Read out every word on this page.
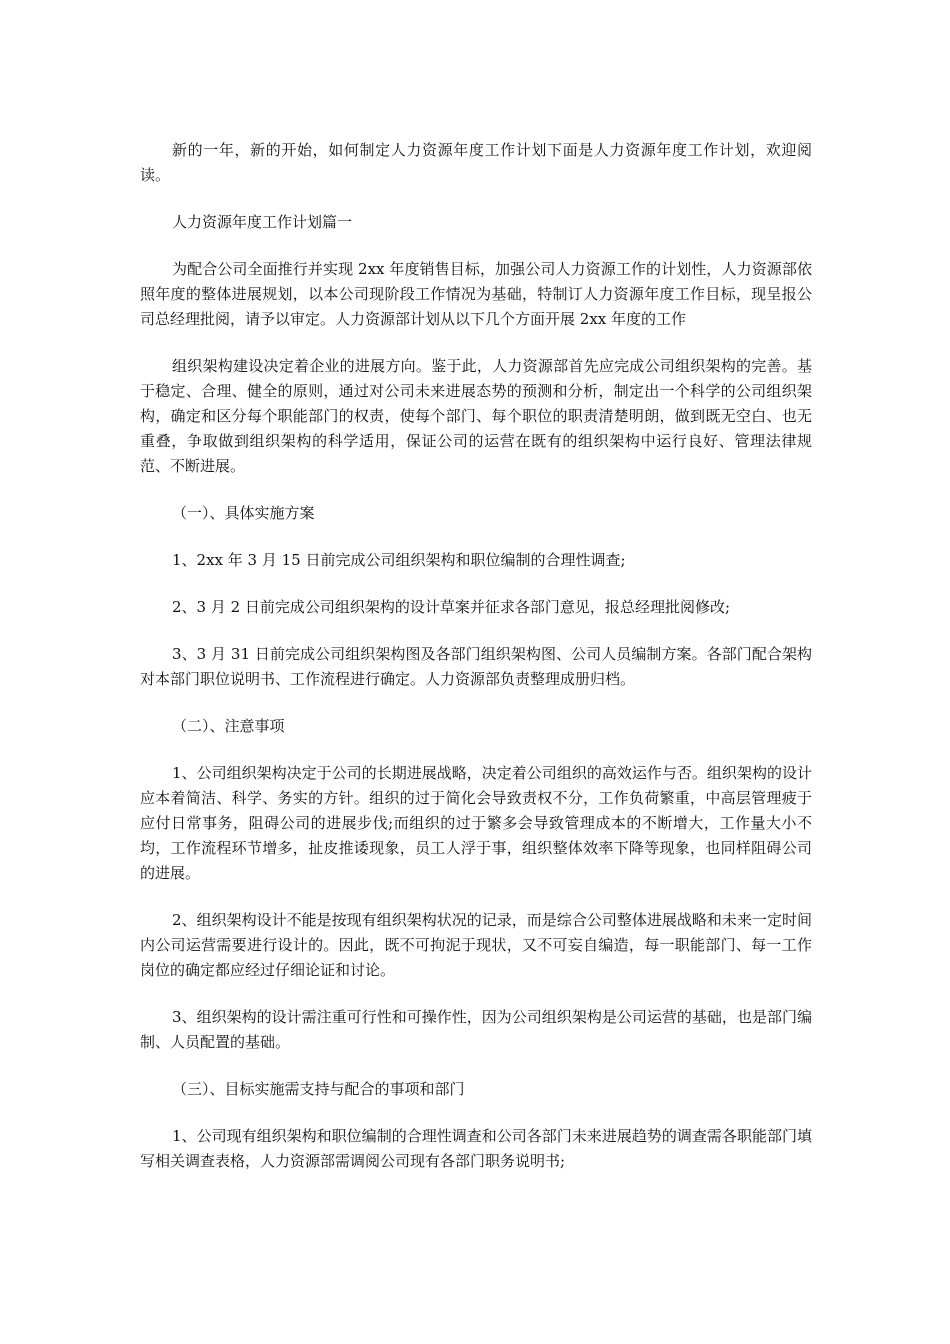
新的一年，新的开始，如何制定人力资源年度工作计划下面是人力资源年度工作计划，欢迎阅读。

人力资源年度工作计划篇一

为配合公司全面推行并实现 2xx 年度销售目标，加强公司人力资源工作的计划性，人力资源部依照年度的整体进展规划，以本公司现阶段工作情况为基础，特制订人力资源年度工作目标，现呈报公司总经理批阅，请予以审定。人力资源部计划从以下几个方面开展 2xx 年度的工作

组织架构建设决定着企业的进展方向。鉴于此，人力资源部首先应完成公司组织架构的完善。基于稳定、合理、健全的原则，通过对公司未来进展态势的预测和分析，制定出一个科学的公司组织架构，确定和区分每个职能部门的权责，使每个部门、每个职位的职责清楚明朗，做到既无空白、也无重叠，争取做到组织架构的科学适用，保证公司的运营在既有的组织架构中运行良好、管理法律规范、不断进展。

（一）、具体实施方案

1、2xx 年 3 月 15 日前完成公司组织架构和职位编制的合理性调查;

2、3 月 2 日前完成公司组织架构的设计草案并征求各部门意见，报总经理批阅修改;

3、3 月 31 日前完成公司组织架构图及各部门组织架构图、公司人员编制方案。各部门配合架构对本部门职位说明书、工作流程进行确定。人力资源部负责整理成册归档。

（二）、注意事项

1、公司组织架构决定于公司的长期进展战略，决定着公司组织的高效运作与否。组织架构的设计应本着简洁、科学、务实的方针。组织的过于简化会导致责权不分，工作负荷繁重，中高层管理疲于应付日常事务，阻碍公司的进展步伐;而组织的过于繁多会导致管理成本的不断增大，工作量大小不均，工作流程环节增多，扯皮推诿现象，员工人浮于事，组织整体效率下降等现象，也同样阻碍公司的进展。

2、组织架构设计不能是按现有组织架构状况的记录，而是综合公司整体进展战略和未来一定时间内公司运营需要进行设计的。因此，既不可拘泥于现状，又不可妄自编造，每一职能部门、每一工作岗位的确定都应经过仔细论证和讨论。

3、组织架构的设计需注重可行性和可操作性，因为公司组织架构是公司运营的基础，也是部门编制、人员配置的基础。

（三）、目标实施需支持与配合的事项和部门

1、公司现有组织架构和职位编制的合理性调查和公司各部门未来进展趋势的调查需各职能部门填写相关调查表格，人力资源部需调阅公司现有各部门职务说明书;
